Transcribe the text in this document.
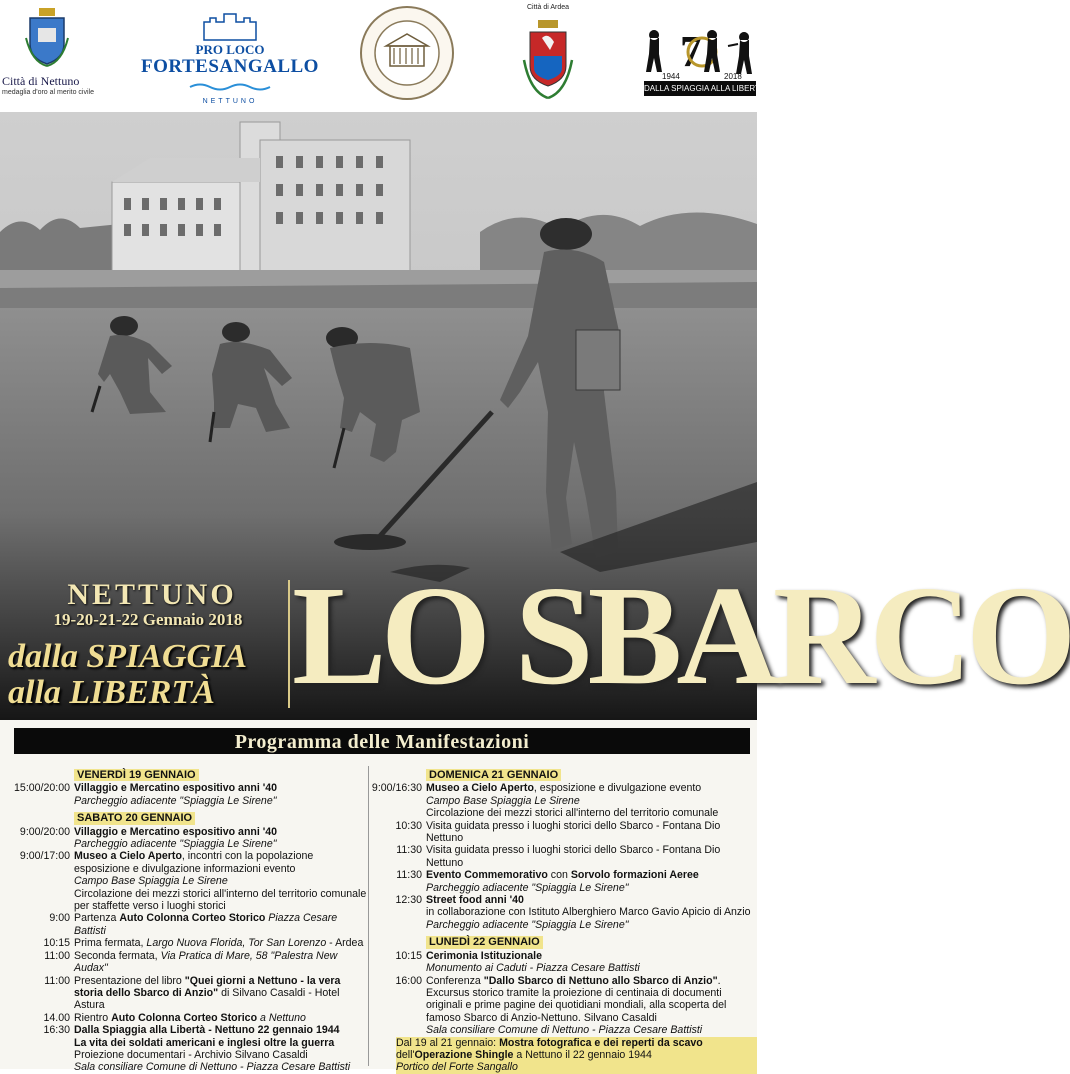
Città di Nettuno
medaglia d'oro al merito civile
PRO LOCO
FORTESANGALLO
NETTUNO
Città di Ardea
7
1944	2018
DALLA SPIAGGIA ALLA LIBERTÀ
NETTUNO
19-20-21-22 Gennaio 2018
dalla SPIAGGIA
alla LIBERTÀ LO SBARCO
Programma delle Manifestazioni
VENERDÌ 19 GENNAIO
15:00/20:00 Villaggio e Mercatino espositivo anni '40
Parcheggio adiacente "Spiaggia Le Sirene"
SABATO 20 GENNAIO
9:00/20:00 Villaggio e Mercatino espositivo anni '40
Parcheggio adiacente "Spiaggia Le Sirene"
9:00/17:00 Museo a Cielo Aperto, incontri con la popolazione esposizione e divulgazione informazioni evento
Campo Base Spiaggia Le Sirene
Circolazione dei mezzi storici all'interno del territorio comunale per staffette verso i luoghi storici
9:00 Partenza Auto Colonna Corteo Storico Piazza Cesare Battisti
10:15 Prima fermata, Largo Nuova Florida, Tor San Lorenzo - Ardea
11:00 Seconda fermata, Via Pratica di Mare, 58 "Palestra New Audax"
11:00 Presentazione del libro "Quei giorni a Nettuno - la vera storia dello Sbarco di Anzio" di Silvano Casaldi - Hotel Astura
14.00 Rientro Auto Colonna Corteo Storico a Nettuno
16:30 Dalla Spiaggia alla Libertà - Nettuno 22 gennaio 1944
La vita dei soldati americani e inglesi oltre la guerra
Proiezione documentari - Archivio Silvano Casaldi
Sala consiliare Comune di Nettuno - Piazza Cesare Battisti
DOMENICA 21 GENNAIO
9:00/16:30 Museo a Cielo Aperto, esposizione e divulgazione evento
Campo Base Spiaggia Le Sirene
Circolazione dei mezzi storici all'interno del territorio comunale
10:30 Visita guidata presso i luoghi storici dello Sbarco - Fontana Dio Nettuno
11:30 Visita guidata presso i luoghi storici dello Sbarco - Fontana Dio Nettuno
11:30 Evento Commemorativo con Sorvolo formazioni Aeree
Parcheggio adiacente "Spiaggia Le Sirene"
12:30 Street food anni '40
in collaborazione con Istituto Alberghiero Marco Gavio Apicio di Anzio
Parcheggio adiacente "Spiaggia Le Sirene"
LUNEDÌ 22 GENNAIO
10:15 Cerimonia Istituzionale
Monumento ai Caduti - Piazza Cesare Battisti
16:00 Conferenza "Dallo Sbarco di Nettuno allo Sbarco di Anzio".
Excursus storico tramite la proiezione di centinaia di documenti originali e prime pagine dei quotidiani mondiali, alla scoperta del famoso Sbarco di Anzio-Nettuno. Silvano Casaldi
Sala consiliare Comune di Nettuno - Piazza Cesare Battisti
Dal 19 al 21 gennaio: Mostra fotografica e dei reperti da scavo dell'Operazione Shingle a Nettuno il 22 gennaio 1944
Portico del Forte Sangallo
